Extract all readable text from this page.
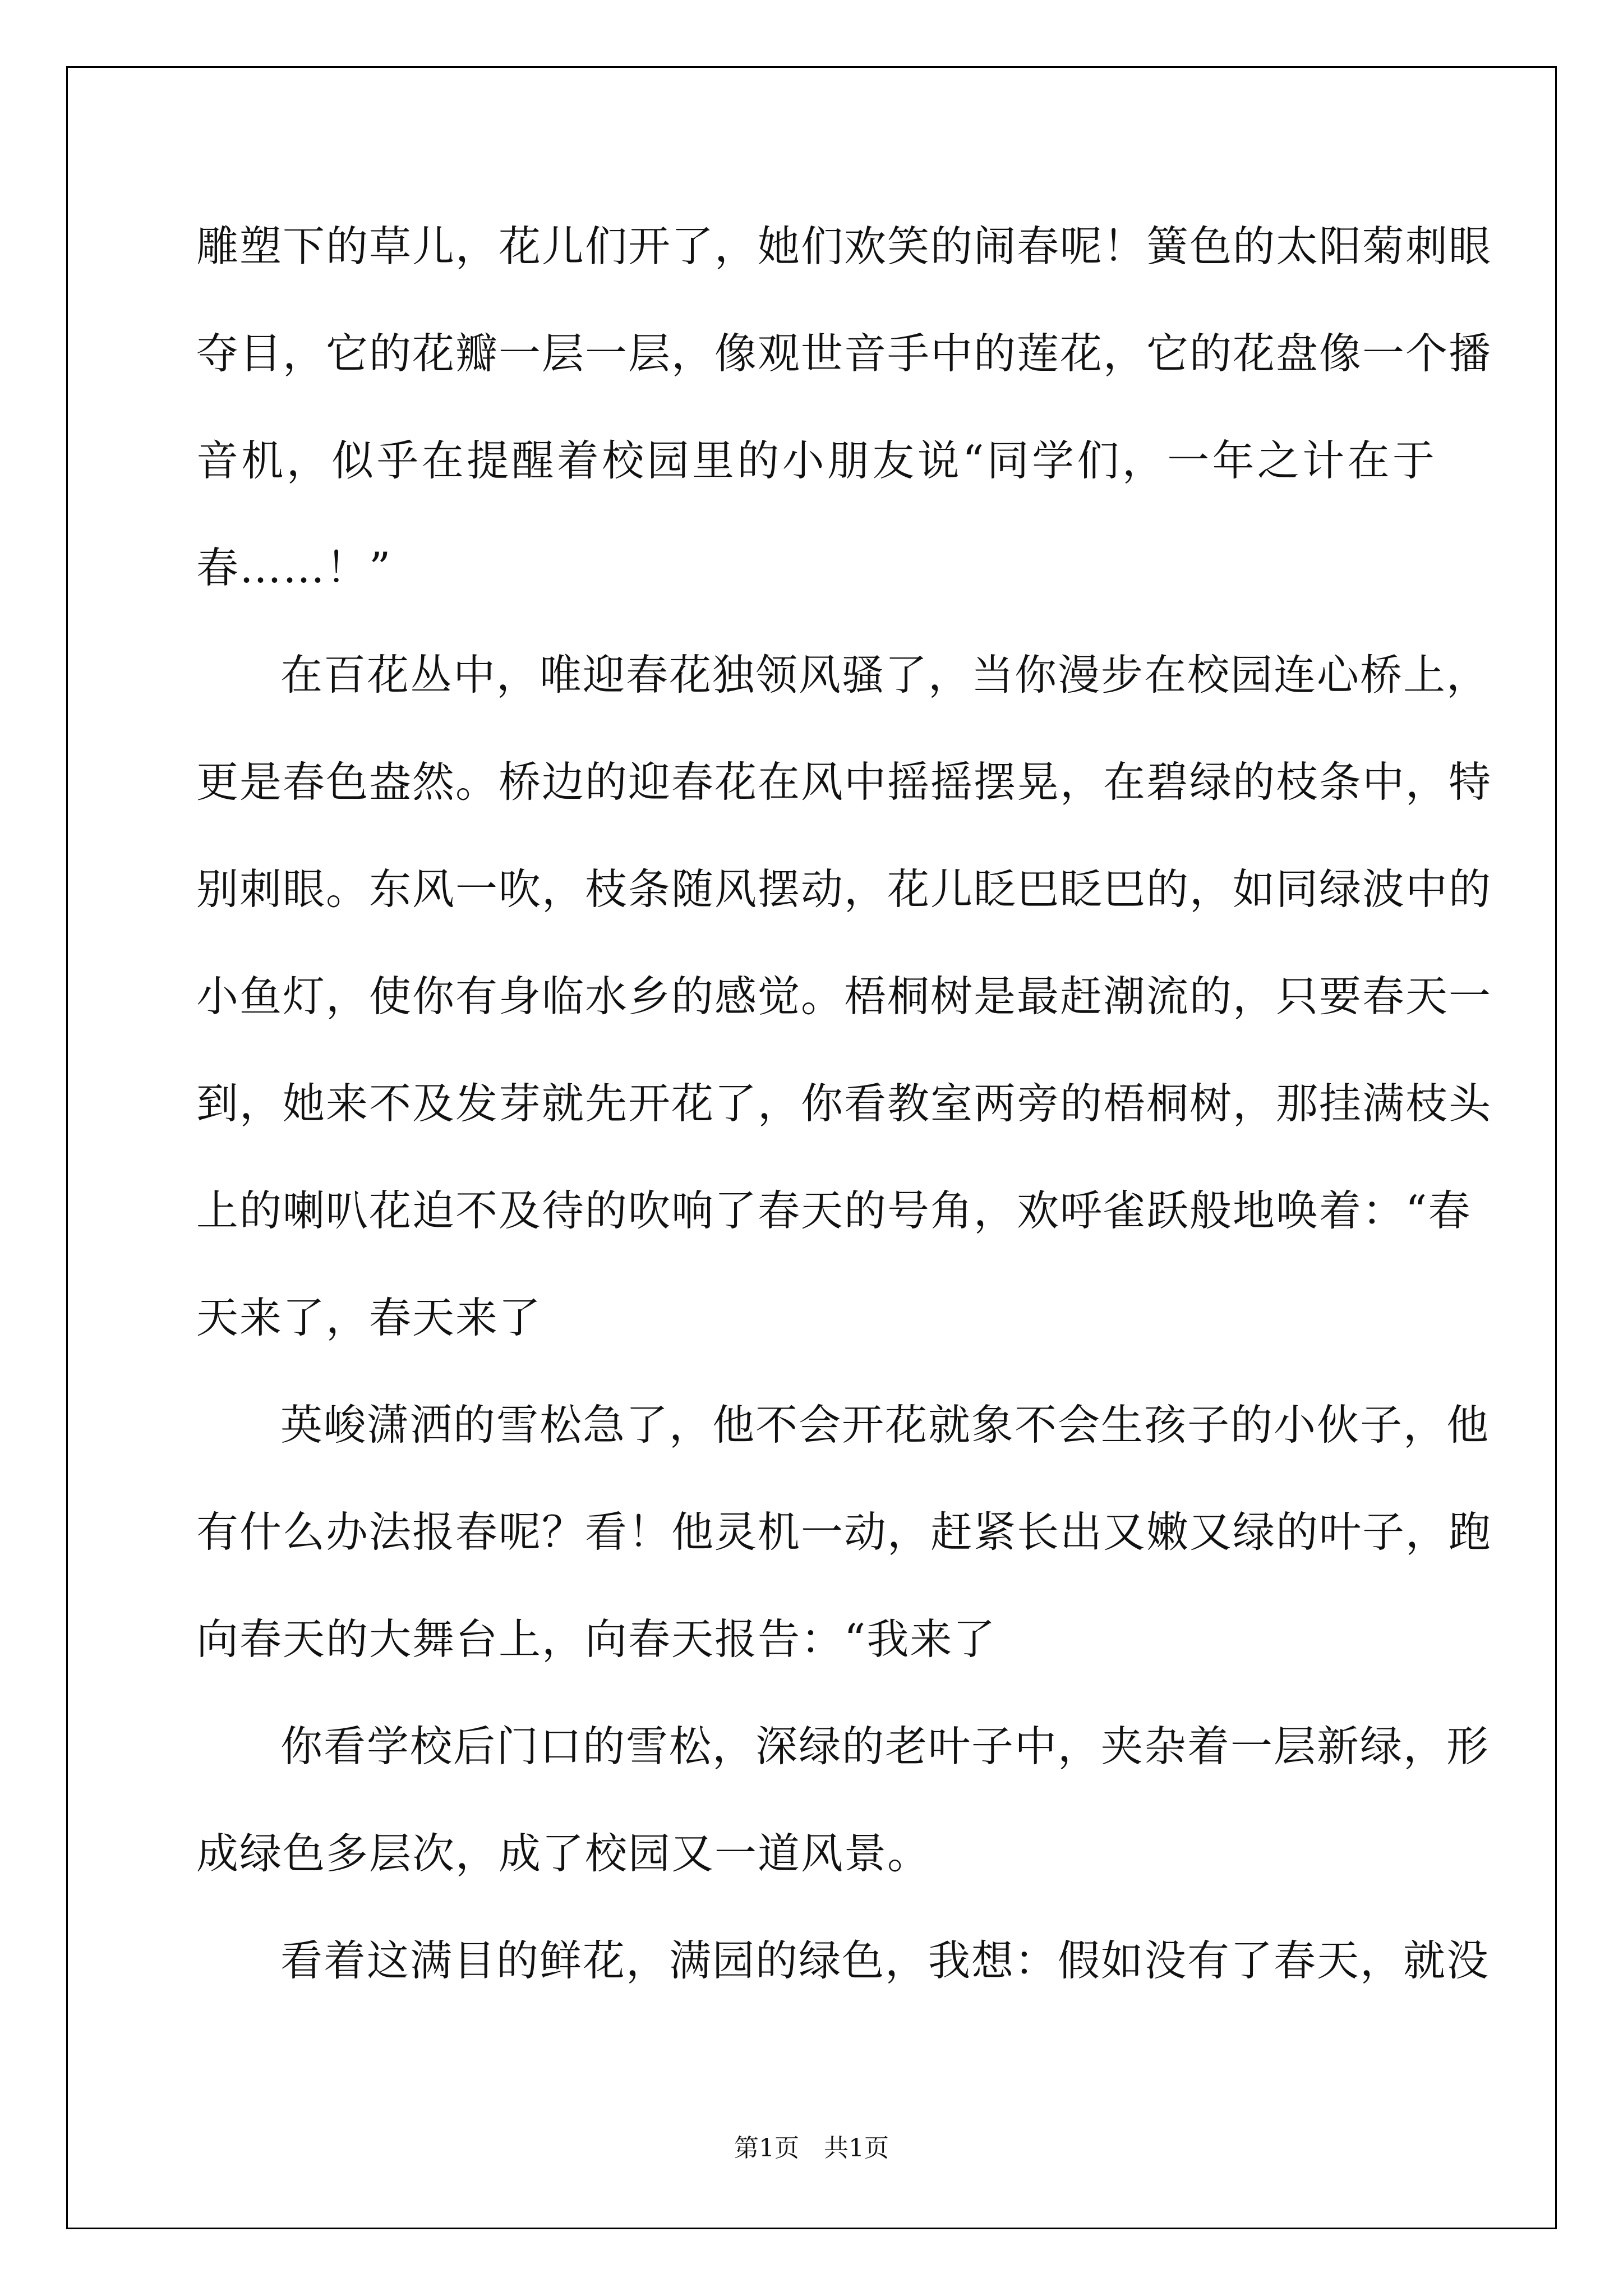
雕塑下的草儿，花儿们开了，她们欢笑的闹春呢！簧色的太阳菊刺眼
夺目，它的花瓣一层一层，像观世音手中的莲花，它的花盘像一个播
音机，似乎在提醒着校园里的小朋友说“同学们，一年之计在于
春……！”
在百花丛中，唯迎春花独领风骚了，当你漫步在校园连心桥上，
更是春色盎然。桥边的迎春花在风中摇摇摆晃，在碧绿的枝条中，特
别刺眼。东风一吹，枝条随风摆动，花儿眨巴眨巴的，如同绿波中的
小鱼灯，使你有身临水乡的感觉。梧桐树是最赶潮流的，只要春天一
到，她来不及发芽就先开花了，你看教室两旁的梧桐树，那挂满枝头
上的喇叭花迫不及待的吹响了春天的号角，欢呼雀跃般地唤着：“春
天来了，春天来了
英峻潇洒的雪松急了，他不会开花就象不会生孩子的小伙子，他
有什么办法报春呢？看！他灵机一动，赶紧长出又嫩又绿的叶子，跑
向春天的大舞台上，向春天报告：“我来了
你看学校后门口的雪松，深绿的老叶子中，夹杂着一层新绿，形
成绿色多层次，成了校园又一道风景。
看着这满目的鲜花，满园的绿色，我想：假如没有了春天，就没
第1页　共1页
